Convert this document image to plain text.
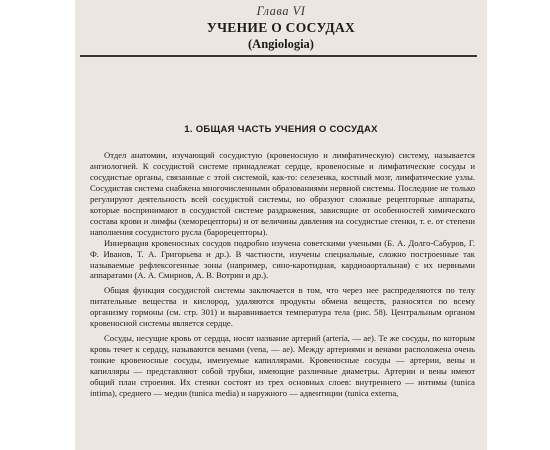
Глава VI
УЧЕНИЕ О СОСУДАХ
(Angiologia)
1. ОБЩАЯ ЧАСТЬ УЧЕНИЯ О СОСУДАХ

Отдел анатомии, изучающий сосудистую (кровеносную и лимфатическую) систему, называется ангиологией. К сосудистой системе принадлежат сердце, кровеносные и лимфатические сосуды и сосудистые органы, связанные с этой системой, как-то: селезенка, костный мозг, лимфатические узлы. Сосудистая система снабжена многочисленными образованиями нервной системы. Последние не только регулируют деятельность всей сосудистой системы, но образуют сложные рецепторные аппараты, которые воспринимают в сосудистой системе раздражения, зависящие от особенностей химического состава крови и лимфы (хеморецепторы) и от величины давления на сосудистые стенки, т. е. от степени наполнения сосудистого русла (барорецепторы).

Иннервация кровеносных сосудов подробно изучена советскими учеными (Б. А. Долго-Сабуров, Г. Ф. Иванов, Т. А. Григорьева и др.). В частности, изучены специальные, сложно построенные так называемые рефлексогенные зоны (например, сино-каротидная, кардиоаортальная) с их нервными аппаратами (А. А. Смирнов, А. В. Вотрин и др.).

Общая функция сосудистой системы заключается в том, что через нее распределяются по телу питательные вещества и кислород, удаляются продукты обмена веществ, разносятся по всему организму гормоны (см. стр. 301) и выравнивается температура тела (рис. 58). Центральным органом кровеносной системы является сердце.

Сосуды, несущие кровь от сердца, носят название артерий (arteria, — ae). Те же сосуды, по которым кровь течет к сердцу, называются венами (vena, — ae). Между артериями и венами расположена очень тонкие кровеносные сосуды, именуемые капиллярами. Кровеносные сосуды — артерии, вены и капилляры — представляют собой трубки, имеющие различные диаметры. Артерии и вены имеют общий план строения. Их стенки состоят из трех основных слоев: внутреннего — интимы (tunica intima), среднего — медии (tunica media) и наружного — адвентиции (tunica externa,
